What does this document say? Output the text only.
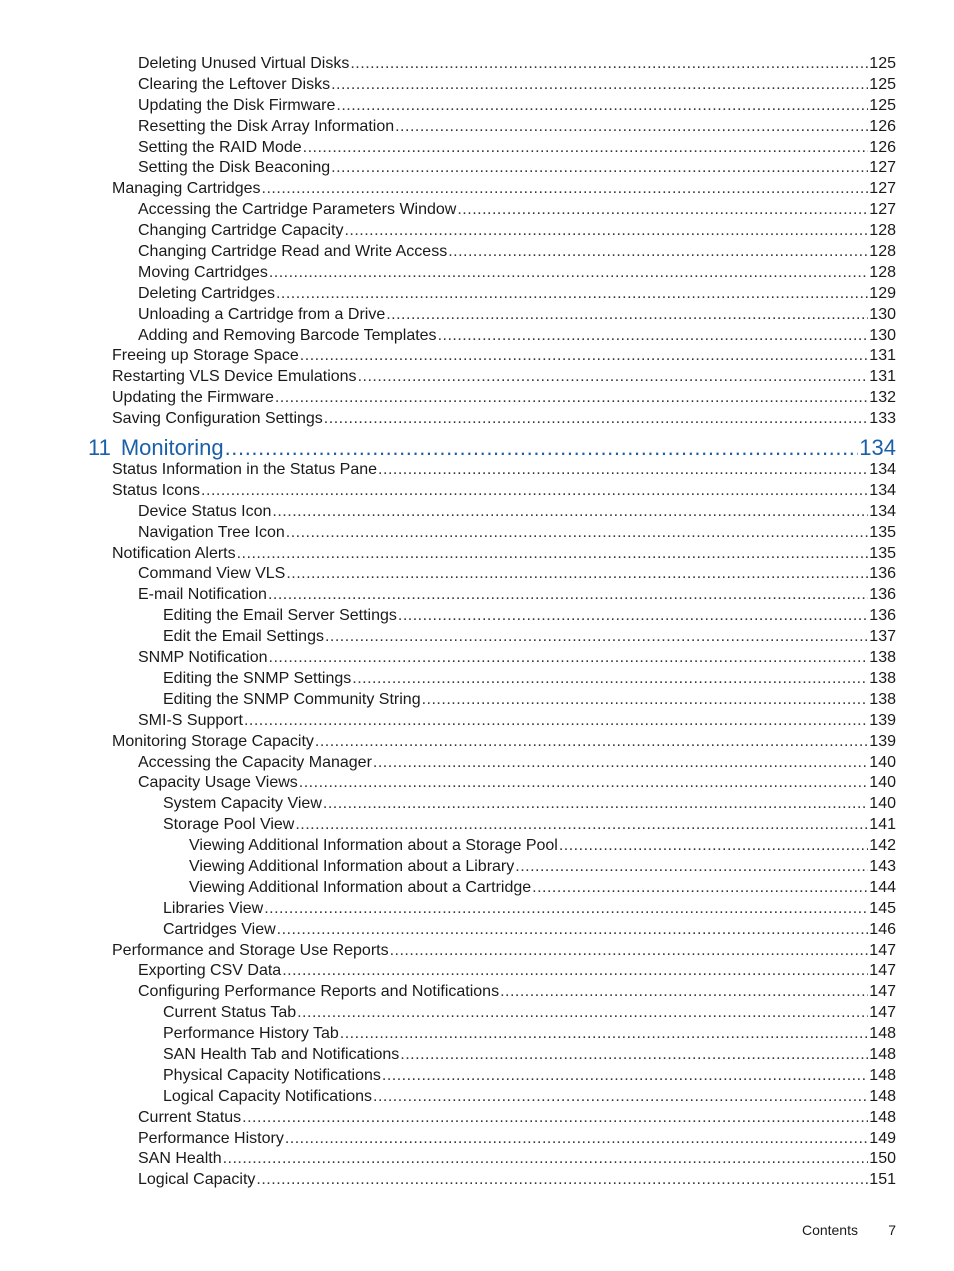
Deleting Unused Virtual Disks .....	125
Clearing the Leftover Disks .....	125
Updating the Disk Firmware .....	125
Resetting the Disk Array Information .....	126
Setting the RAID Mode .....	126
Setting the Disk Beaconing .....	127
Managing Cartridges .....	127
Accessing the Cartridge Parameters Window .....	127
Changing Cartridge Capacity .....	128
Changing Cartridge Read and Write Access .....	128
Moving Cartridges .....	128
Deleting Cartridges .....	129
Unloading a Cartridge from a Drive .....	130
Adding and Removing Barcode Templates .....	130
Freeing up Storage Space .....	131
Restarting VLS Device Emulations .....	131
Updating the Firmware .....	132
Saving Configuration Settings .....	133
11 Monitoring .....	134
Status Information in the Status Pane .....	134
Status Icons .....	134
Device Status Icon .....	134
Navigation Tree Icon .....	135
Notification Alerts .....	135
Command View VLS .....	136
E-mail Notification .....	136
Editing the Email Server Settings .....	136
Edit the Email Settings .....	137
SNMP Notification .....	138
Editing the SNMP Settings .....	138
Editing the SNMP Community String .....	138
SMI-S Support .....	139
Monitoring Storage Capacity .....	139
Accessing the Capacity Manager .....	140
Capacity Usage Views .....	140
System Capacity View .....	140
Storage Pool View .....	141
Viewing Additional Information about a Storage Pool .....	142
Viewing Additional Information about a Library .....	143
Viewing Additional Information about a Cartridge .....	144
Libraries View .....	145
Cartridges View .....	146
Performance and Storage Use Reports .....	147
Exporting CSV Data .....	147
Configuring Performance Reports and Notifications .....	147
Current Status Tab .....	147
Performance History Tab .....	148
SAN Health Tab and Notifications .....	148
Physical Capacity Notifications .....	148
Logical Capacity Notifications .....	148
Current Status .....	148
Performance History .....	149
SAN Health .....	150
Logical Capacity .....	151
Contents 7
